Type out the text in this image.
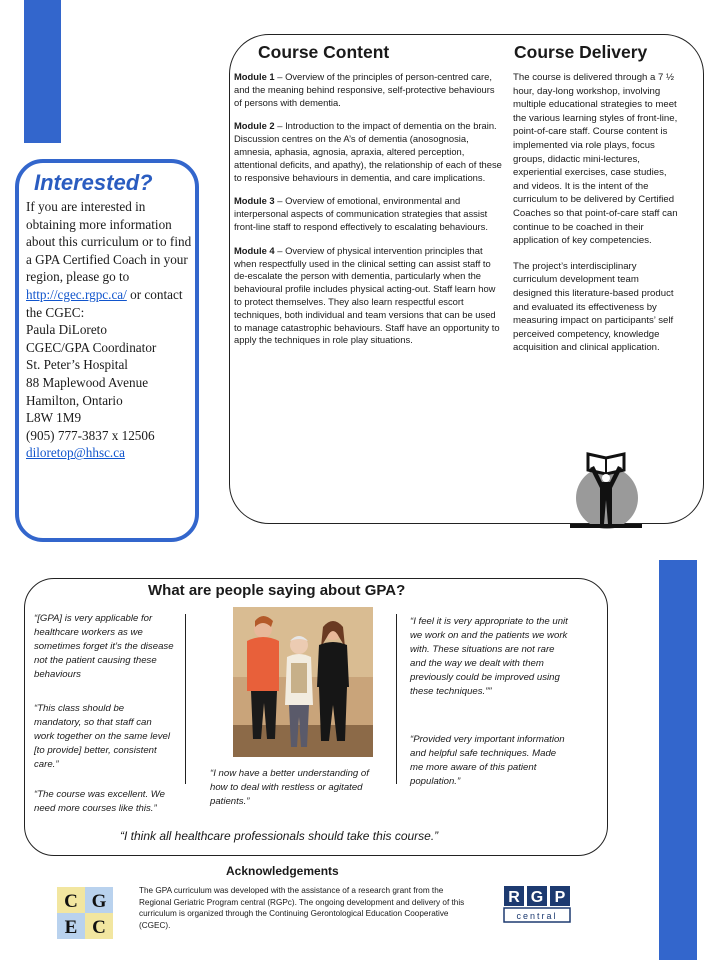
Interested?
If you are interested in obtaining more information about this curriculum or to find a GPA Certified Coach in your region, please go to http://cgec.rgpc.ca/ or contact the CGEC:
Paula DiLoreto
CGEC/GPA Coordinator
St. Peter’s Hospital
88 Maplewood Avenue
Hamilton, Ontario
L8W 1M9
(905) 777-3837 x 12506
diloretop@hhsc.ca
Course Content	Course Delivery

Module 1 – Overview of the principles of person-centred care, and the meaning behind responsive, self-protective behaviours of persons with dementia.

Module 2 – Introduction to the impact of dementia on the brain. Discussion centres on the A’s of dementia (anosognosia, amnesia, aphasia, agnosia, apraxia, altered perception, attentional deficits, and apathy), the relationship of each of these to responsive behaviours in dementia, and care implications.

Module 3 – Overview of emotional, environmental and interpersonal aspects of communication strategies that assist front-line staff to respond effectively to escalating behaviours.

Module 4 – Overview of physical intervention principles that when respectfully used in the clinical setting can assist staff to de-escalate the person with dementia, particularly when the behavioural profile includes physical acting-out. Staff learn how to protect themselves. They also learn respectful escort techniques, both individual and team versions that can be used to manage catastrophic behaviours. Staff have an opportunity to apply the techniques in role play situations.

The course is delivered through a 7 ½ hour, day-long workshop, involving multiple educational strategies to meet the various learning styles of front-line, point-of-care staff. Course content is implemented via role plays, focus groups, didactic mini-lectures, experiential exercises, case studies, and videos. It is the intent of the curriculum to be delivered by Certified Coaches so that point-of-care staff can continue to be coached in their application of key competencies.

The project’s interdisciplinary curriculum development team designed this literature-based product and evaluated its effectiveness by measuring impact on participants’ self perceived competency, knowledge acquisition and clinical application.

What are people saying about GPA?

“[GPA] is very applicable for healthcare workers as we sometimes forget it’s the disease not the patient causing these behaviours

“This class should be mandatory, so that staff can work together on the same level [to provide] better, consistent care.”

“The course was excellent. We need more courses like this.”

“I now have a better understanding of how to deal with restless or agitated patients.”

“I feel it is very appropriate to the unit we work on and the patients we work with. These situations are not rare and the way we dealt with them previously could be improved using these techniques.””

“Provided very important information and helpful safe techniques. Made me more aware of this patient population.”

“I think all healthcare professionals should take this course.”

Acknowledgements
C G
E C

The GPA curriculum was developed with the assistance of a research grant from the Regional Geriatric Program central (RGPc). The ongoing development and delivery of this curriculum is organized through the Continuing Gerontological Education Cooperative (CGEC).

R G P
central
